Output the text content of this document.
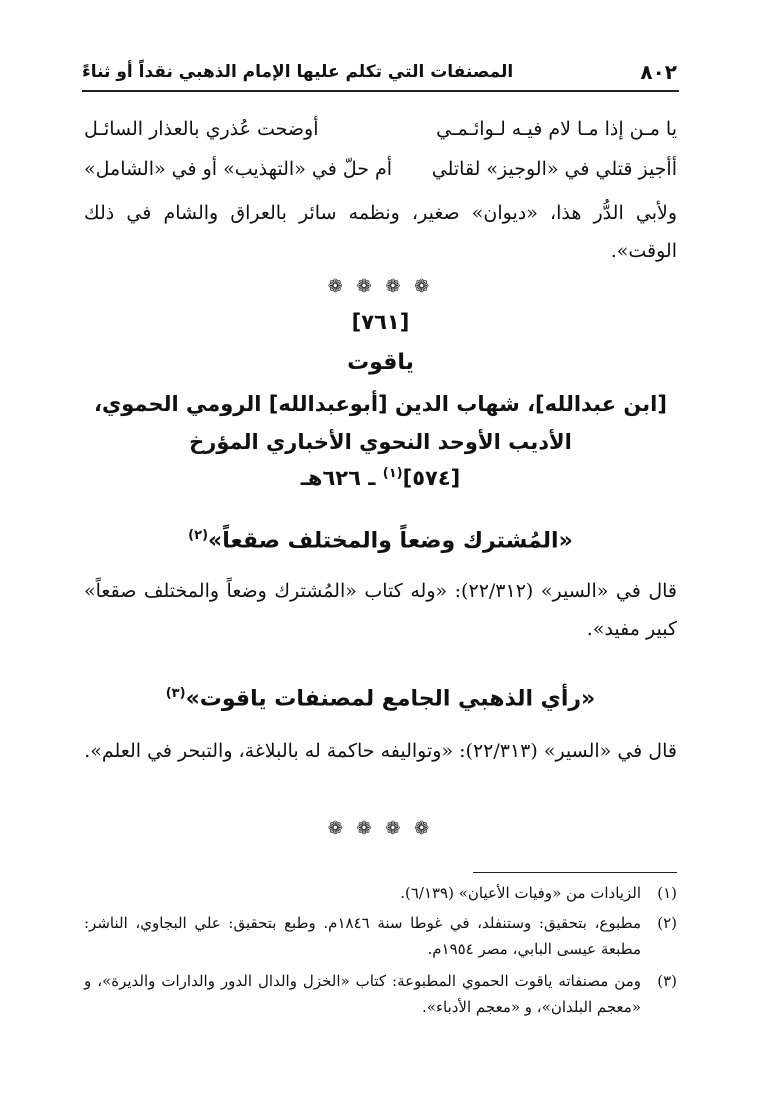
٨٠٢
المصنفات التي تكلم عليها الإمام الذهبي نقداً أو ثناءً
يا مـن إذا مـا لام فيـه لـوائـمـي
أوضحت عُذري بالعذار السائـل
أأجيز قتلي في «الوجيز» لقاتلي
أم حلّ في «التهذيب» أو في «الشامل»
ولأبي الدُّر هذا، «ديوان» صغير، ونظمه سائر بالعراق والشام في ذلك الوقت».
❁ ❁ ❁ ❁
[٧٦١]
ياقوت
[ابن عبدالله]، شهاب الدين [أبوعبدالله] الرومي الحموي،
الأديب الأوحد النحوي الأخباري المؤرخ
[٥٧٤]$^{(١)}$ ـ ٦٢٦هـ
«المُشترك وضعاً والمختلف صقعاً»$^{(٢)}$
قال في «السير» (٢٢/٣١٢): «وله كتاب «المُشترك وضعاً والمختلف صقعاً» كبير مفيد».
«رأي الذهبي الجامع لمصنفات ياقوت»$^{(٣)}$
قال في «السير» (٢٢/٣١٣): «وتواليفه حاكمة له بالبلاغة، والتبحر في العلم».
❁ ❁ ❁ ❁
(١)
الزيادات من «وفيات الأعيان» (٦/١٣٩).
(٢)
مطبوع، بتحقيق: وستنفلد، في غوطا سنة ١٨٤٦م. وطبع بتحقيق: علي البجاوي، الناشر: مطبعة عيسى البابي، مصر ١٩٥٤م.
(٣)
ومن مصنفاته ياقوت الحموي المطبوعة: كتاب «الخزل والدال الدور والدارات والديرة»، و «معجم البلدان»، و «معجم الأدباء».
